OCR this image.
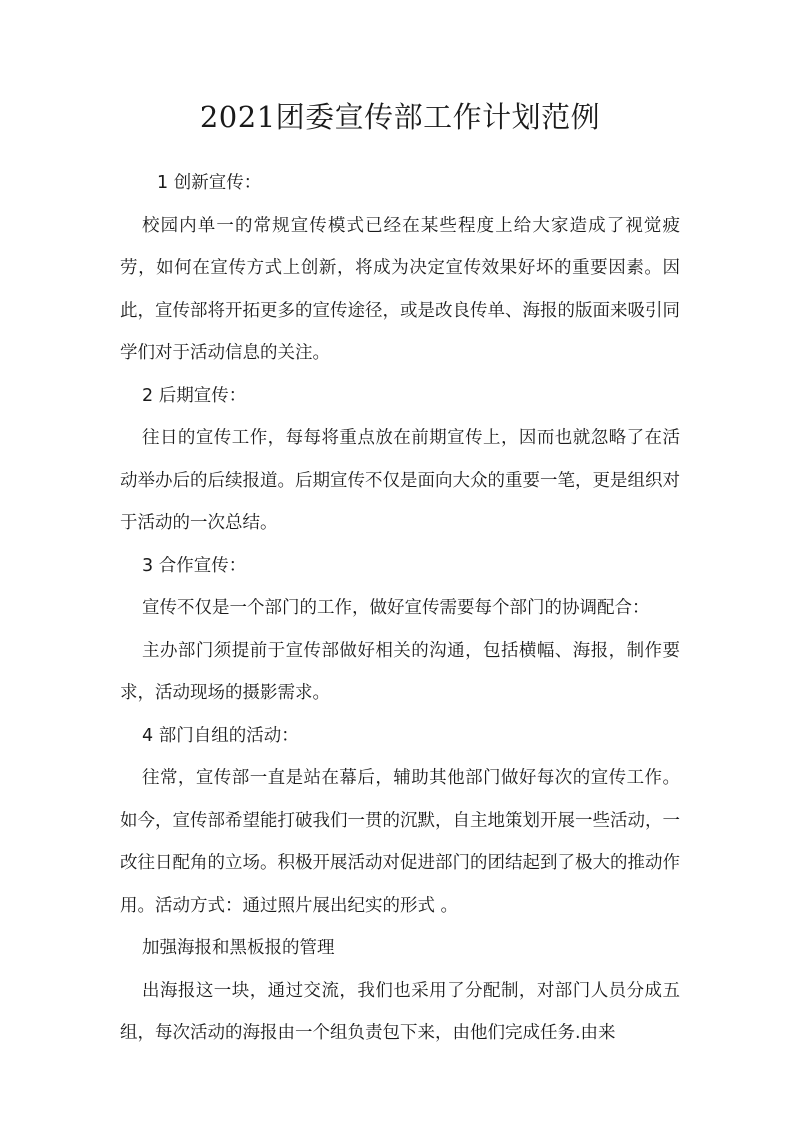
2021团委宣传部工作计划范例

1 创新宣传：

校园内单一的常规宣传模式已经在某些程度上给大家造成了视觉疲劳，如何在宣传方式上创新，将成为决定宣传效果好坏的重要因素。因此，宣传部将开拓更多的宣传途径，或是改良传单、海报的版面来吸引同学们对于活动信息的关注。

2 后期宣传：

往日的宣传工作，每每将重点放在前期宣传上，因而也就忽略了在活动举办后的后续报道。后期宣传不仅是面向大众的重要一笔，更是组织对于活动的一次总结。

3 合作宣传：

宣传不仅是一个部门的工作，做好宣传需要每个部门的协调配合：

主办部门须提前于宣传部做好相关的沟通，包括横幅、海报，制作要求，活动现场的摄影需求。

4 部门自组的活动：

往常，宣传部一直是站在幕后，辅助其他部门做好每次的宣传工作。如今，宣传部希望能打破我们一贯的沉默，自主地策划开展一些活动，一改往日配角的立场。积极开展活动对促进部门的团结起到了极大的推动作用。活动方式：通过照片展出纪实的形式 。

加强海报和黑板报的管理

出海报这一块，通过交流，我们也采用了分配制，对部门人员分成五组，每次活动的海报由一个组负责包下来，由他们完成任务.由来
